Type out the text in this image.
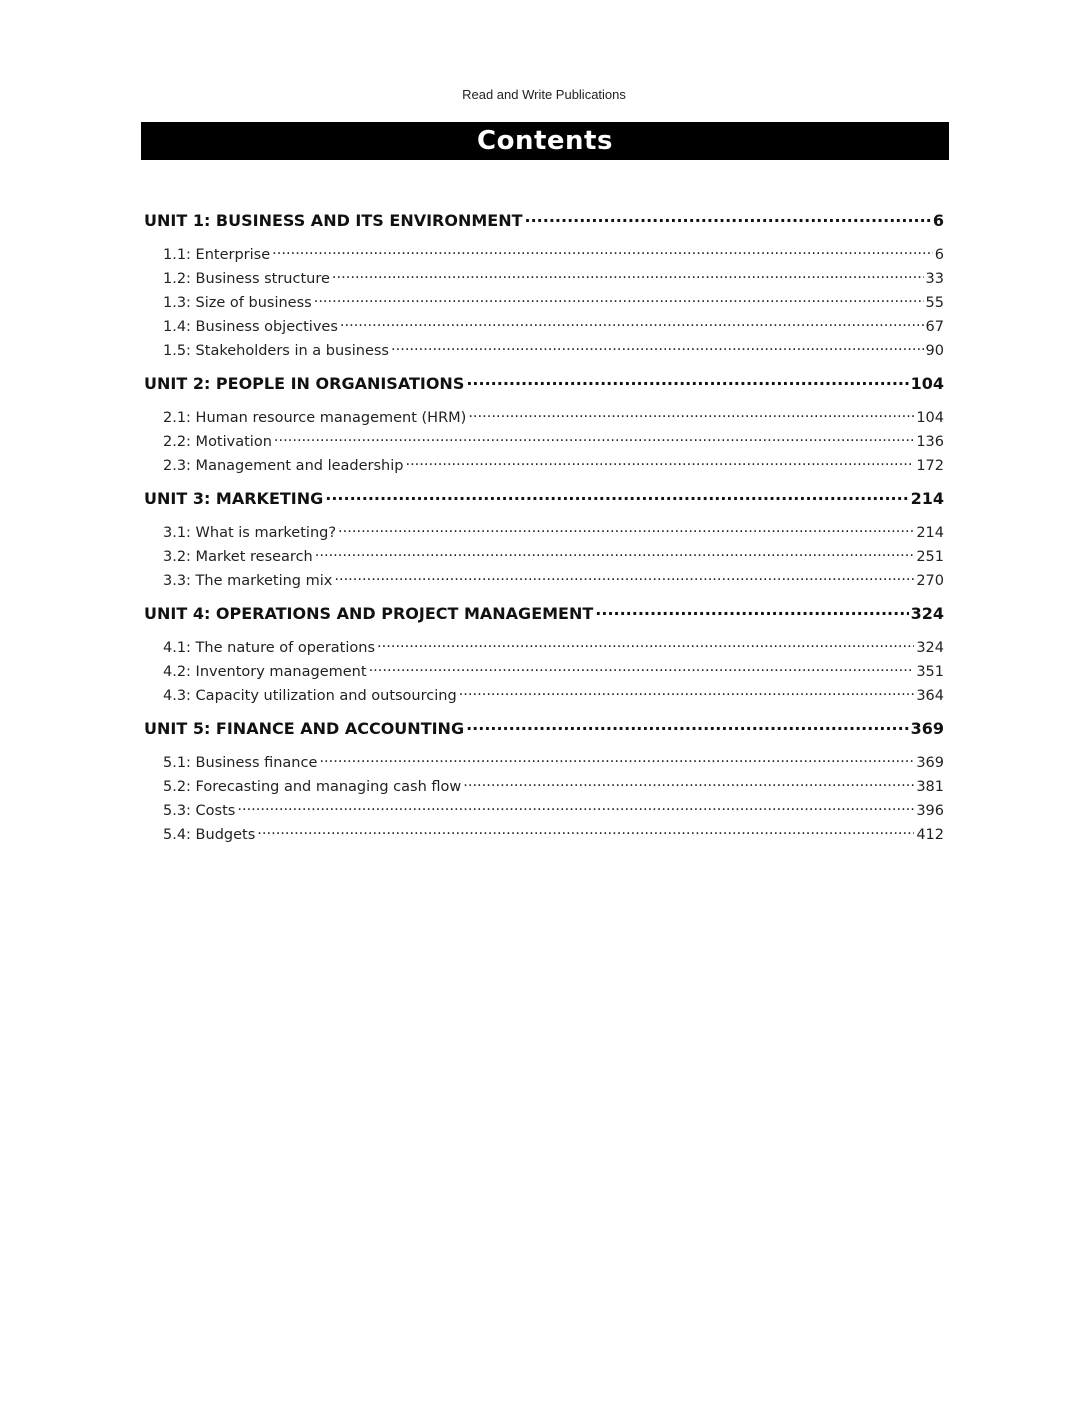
Read and Write Publications
Contents
UNIT 1: BUSINESS AND ITS ENVIRONMENT .....	6
1.1: Enterprise .....	6
1.2: Business structure .....	33
1.3: Size of business .....	55
1.4: Business objectives .....	67
1.5: Stakeholders in a business .....	90
UNIT 2: PEOPLE IN ORGANISATIONS .....	104
2.1: Human resource management (HRM) .....	104
2.2: Motivation .....	136
2.3: Management and leadership .....	172
UNIT 3: MARKETING .....	214
3.1: What is marketing? .....	214
3.2: Market research .....	251
3.3: The marketing mix .....	270
UNIT 4: OPERATIONS AND PROJECT MANAGEMENT .....	324
4.1: The nature of operations .....	324
4.2: Inventory management .....	351
4.3: Capacity utilization and outsourcing .....	364
UNIT 5: FINANCE AND ACCOUNTING .....	369
5.1: Business finance .....	369
5.2: Forecasting and managing cash flow .....	381
5.3: Costs .....	396
5.4: Budgets .....	412
